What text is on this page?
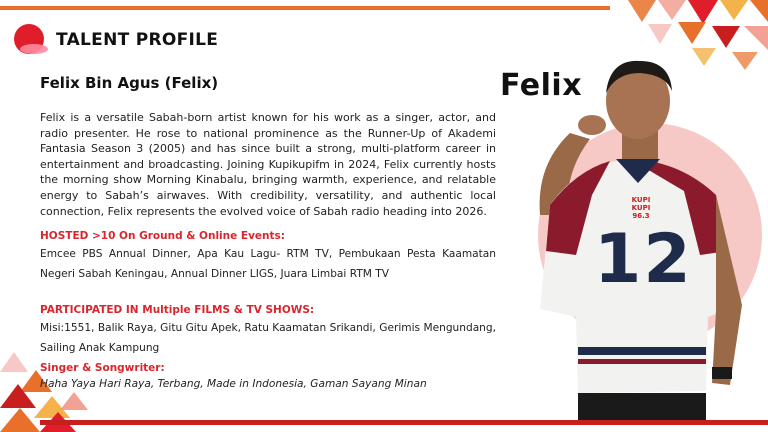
TALENT PROFILE
Felix Bin Agus (Felix)
Felix is a versatile Sabah-born artist known for his work as a singer, actor, and radio presenter. He rose to national prominence as the Runner-Up of Akademi Fantasia Season 3 (2005) and has since built a strong, multi-platform career in entertainment and broadcasting. Joining Kupikupifm in 2024, Felix currently hosts the morning show Morning Kinabalu, bringing warmth, experience, and relatable energy to Sabah’s airwaves. With credibility, versatility, and authentic local connection, Felix represents the evolved voice of Sabah radio heading into 2026.
HOSTED >10 On Ground & Online Events:
Emcee PBS Annual Dinner, Apa Kau Lagu- RTM TV, Pembukaan Pesta Kaamatan Negeri Sabah Keningau, Annual Dinner LIGS, Juara Limbai RTM TV
PARTICIPATED IN Multiple FILMS & TV SHOWS:
Misi:1551, Balik Raya, Gitu Gitu Apek, Ratu Kaamatan Srikandi, Gerimis Mengundang, Sailing Anak Kampung
Singer & Songwriter:
Haha Yaya Hari Raya, Terbang, Made in Indonesia, Gaman Sayang Minan
12
KUPI KUPI 96.3
Felix
